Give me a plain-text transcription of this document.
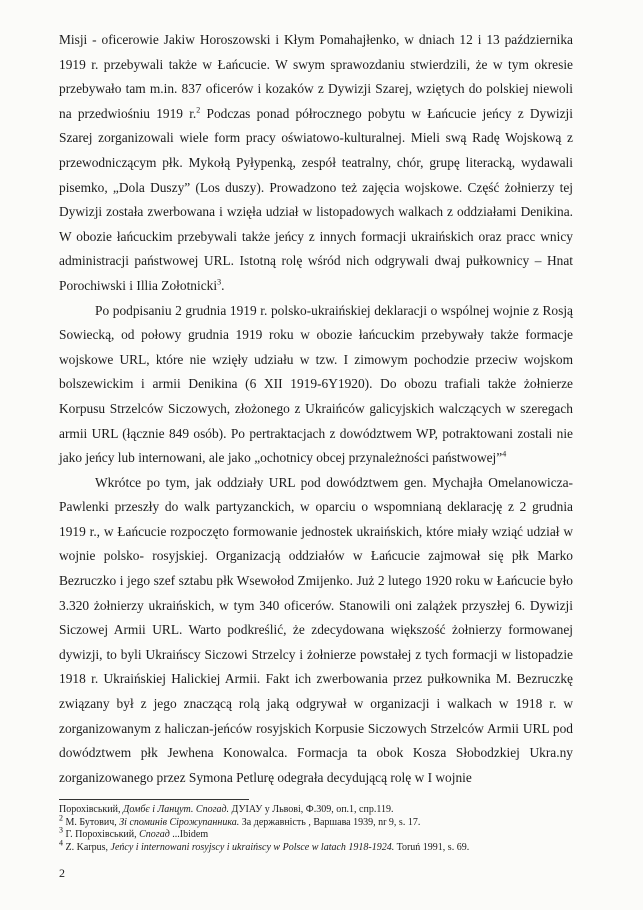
Misji - oficerowie Jakiw Horoszowski i Kłym Pomahajłenko, w dniach 12 i 13 października 1919 r. przebywali także w Łańcucie. W swym sprawozdaniu stwierdzili, że w tym okresie przebywało tam m.in. 837 oficerów i kozaków z Dywizji Szarej, wziętych do polskiej niewoli na przedwiośniu 1919 r.$^2$ Podczas ponad półrocznego pobytu w Łańcucie jeńcy z Dywizji Szarej zorganizowali wiele form pracy oświatowo-kulturalnej. Mieli swą Radę Wojskową z przewodniczącym płk. Mykołą Pyłypenką, zespół teatralny, chór, grupę literacką, wydawali pisemko, „Dola Duszy” (Los duszy). Prowadzono też zajęcia wojskowe. Część żołnierzy tej Dywizji została zwerbowana i wzięła udział w listopadowych walkach z oddziałami Denikina. W obozie łańcuckim przebywali także jeńcy z innych formacji ukraińskich oraz pracc wnicy administracji państwowej URL. Istotną rolę wśród nich odgrywali dwaj pułkownicy – Hnat Porochiwski i Illia Zołotnicki$^3$.

Po podpisaniu 2 grudnia 1919 r. polsko-ukraińskiej deklaracji o wspólnej wojnie z Rosją Sowiecką, od połowy grudnia 1919 roku w obozie łańcuckim przebywały także formacje wojskowe URL, które nie wzięły udziału w tzw. I zimowym pochodzie przeciw wojskom bolszewickim i armii Denikina (6 XII 1919-6Y1920). Do obozu trafiali także żołnierze Korpusu Strzelców Siczowych, złożonego z Ukraińców galicyjskich walczących w szeregach armii URL (łącznie 849 osób). Po pertraktacjach z dowództwem WP, potraktowani zostali nie jako jeńcy lub internowani, ale jako „ochotnicy obcej przynależności państwowej”$^4$

Wkrótce po tym, jak oddziały URL pod dowództwem gen. Mychajła Omelanowicza-Pawlenki przeszły do walk partyzanckich, w oparciu o wspomnianą deklarację z 2 grudnia 1919 r., w Łańcucie rozpoczęto formowanie jednostek ukraińskich, które miały wziąć udział w wojnie polsko- rosyjskiej. Organizacją oddziałów w Łańcucie zajmował się płk Marko Bezruczko i jego szef sztabu płk Wsewołod Zmijenko. Już 2 lutego 1920 roku w Łańcucie było 3.320 żołnierzy ukraińskich, w tym 340 oficerów. Stanowili oni zalążek przyszłej 6. Dywizji Siczowej Armii URL. Warto podkreślić, że zdecydowana większość żołnierzy formowanej dywizji, to byli Ukraińscy Siczowi Strzelcy i żołnierze powstałej z tych formacji w listopadzie 1918 r. Ukraińskiej Halickiej Armii. Fakt ich zwerbowania przez pułkownika M. Bezruczkę związany był z jego znaczącą rolą jaką odgrywał w organizacji i walkach w 1918 r. w zorganizowanym z haliczan-jeńców rosyjskich Korpusie Siczowych Strzelców Armii URL pod dowództwem płk Jewhena Konowalca. Formacja ta obok Kosza Słobodzkiej Ukra.ny zorganizowanego przez Symona Petlurę odegrała decydującą rolę w I wojnie

Порохівський, Домбє і Ланцут. Спогад. ДУІАУ у Львові, Ф.309, оп.1, спр.119.
$^2$ М. Бутович, Зі споминів Сірожупанника. За державність , Варшава 1939, nr 9, s. 17.
$^3$ Г. Порохівський, Спогад ...Ibidem
$^4$ Z. Karpus, Jeńcy i internowani rosyjscy i ukraińscy w Polsce w latach 1918-1924. Toruń 1991, s. 69.
2
